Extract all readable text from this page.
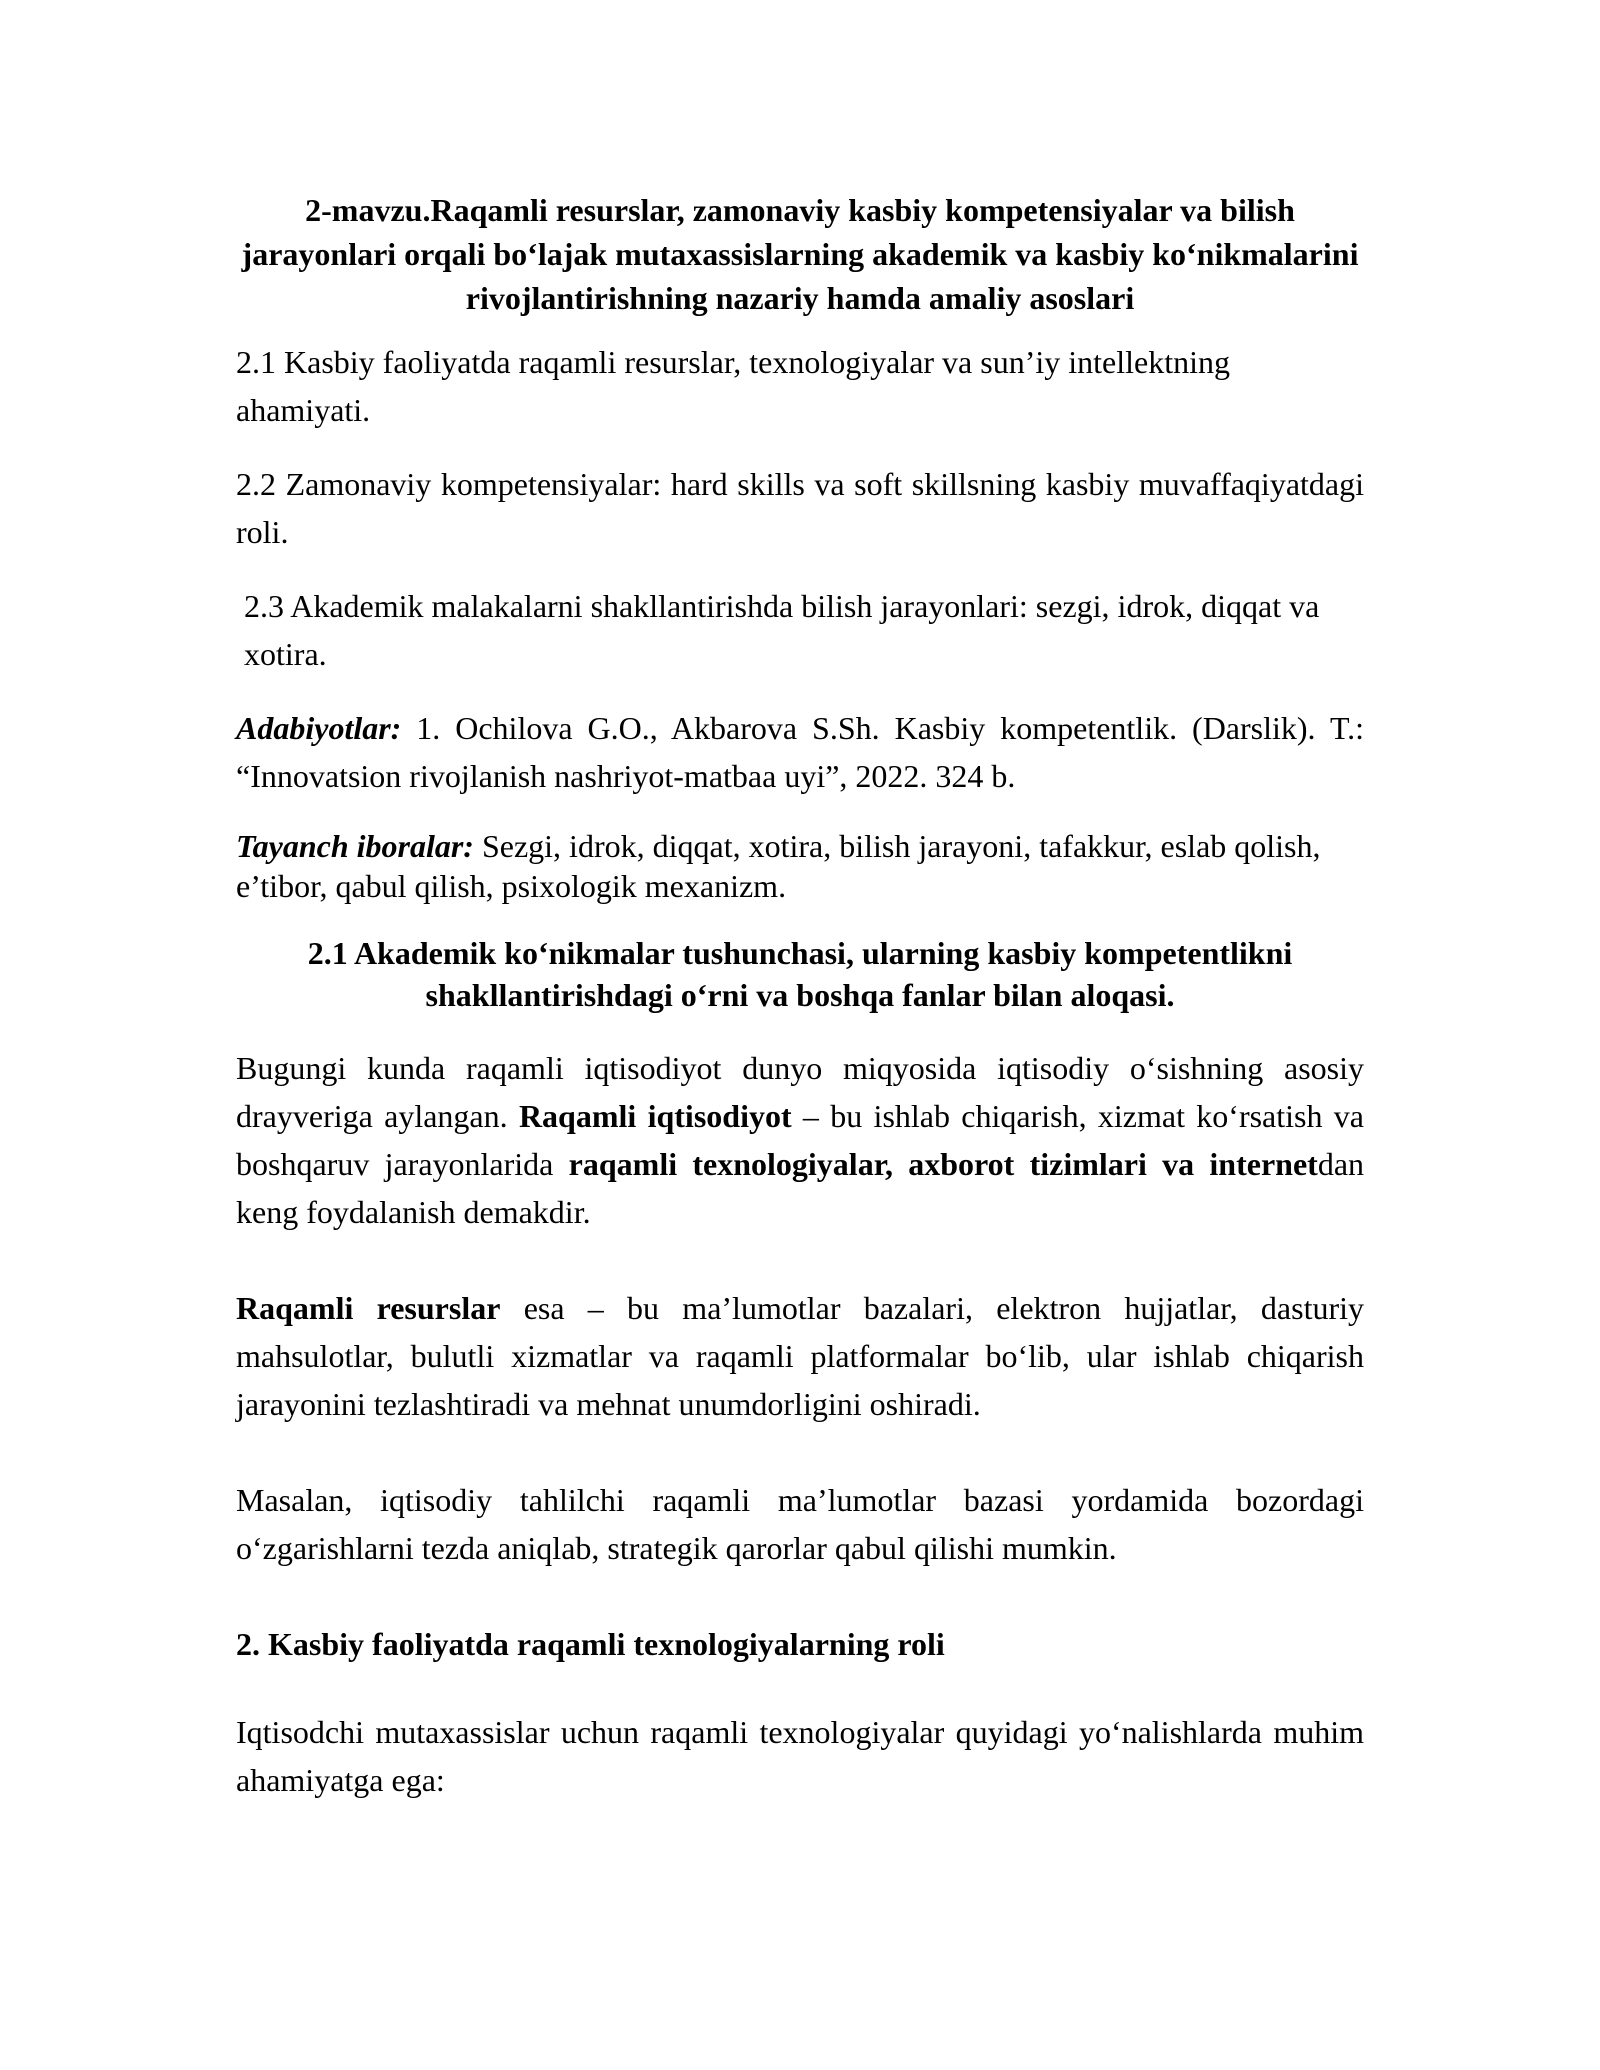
2-mavzu.Raqamli resurslar, zamonaviy kasbiy kompetensiyalar va bilish jarayonlari orqali bo‘lajak mutaxassislarning akademik va kasbiy ko‘nikmalarini rivojlantirishning nazariy hamda amaliy asoslari

2.1 Kasbiy faoliyatda raqamli resurslar, texnologiyalar va sun’iy intellektning ahamiyati.

2.2 Zamonaviy kompetensiyalar: hard skills va soft skillsning kasbiy muvaffaqiyatdagi roli.

2.3 Akademik malakalarni shakllantirishda bilish jarayonlari: sezgi, idrok, diqqat va xotira.

Adabiyotlar: 1. Ochilova G.O., Akbarova S.Sh. Kasbiy kompetentlik. (Darslik). T.: “Innovatsion rivojlanish nashriyot-matbaa uyi”, 2022. 324 b.

Tayanch iboralar: Sezgi, idrok, diqqat, xotira, bilish jarayoni, tafakkur, eslab qolish, e’tibor, qabul qilish, psixologik mexanizm.

2.1 Akademik ko‘nikmalar tushunchasi, ularning kasbiy kompetentlikni shakllantirishdagi o‘rni va boshqa fanlar bilan aloqasi.

Bugungi kunda raqamli iqtisodiyot dunyo miqyosida iqtisodiy o‘sishning asosiy drayveriga aylangan. Raqamli iqtisodiyot – bu ishlab chiqarish, xizmat ko‘rsatish va boshqaruv jarayonlarida raqamli texnologiyalar, axborot tizimlari va internetdan keng foydalanish demakdir.

Raqamli resurslar esa – bu ma’lumotlar bazalari, elektron hujjatlar, dasturiy mahsulotlar, bulutli xizmatlar va raqamli platformalar bo‘lib, ular ishlab chiqarish jarayonini tezlashtiradi va mehnat unumdorligini oshiradi.

Masalan, iqtisodiy tahlilchi raqamli ma’lumotlar bazasi yordamida bozordagi o‘zgarishlarni tezda aniqlab, strategik qarorlar qabul qilishi mumkin.

2. Kasbiy faoliyatda raqamli texnologiyalarning roli

Iqtisodchi mutaxassislar uchun raqamli texnologiyalar quyidagi yo‘nalishlarda muhim ahamiyatga ega:
